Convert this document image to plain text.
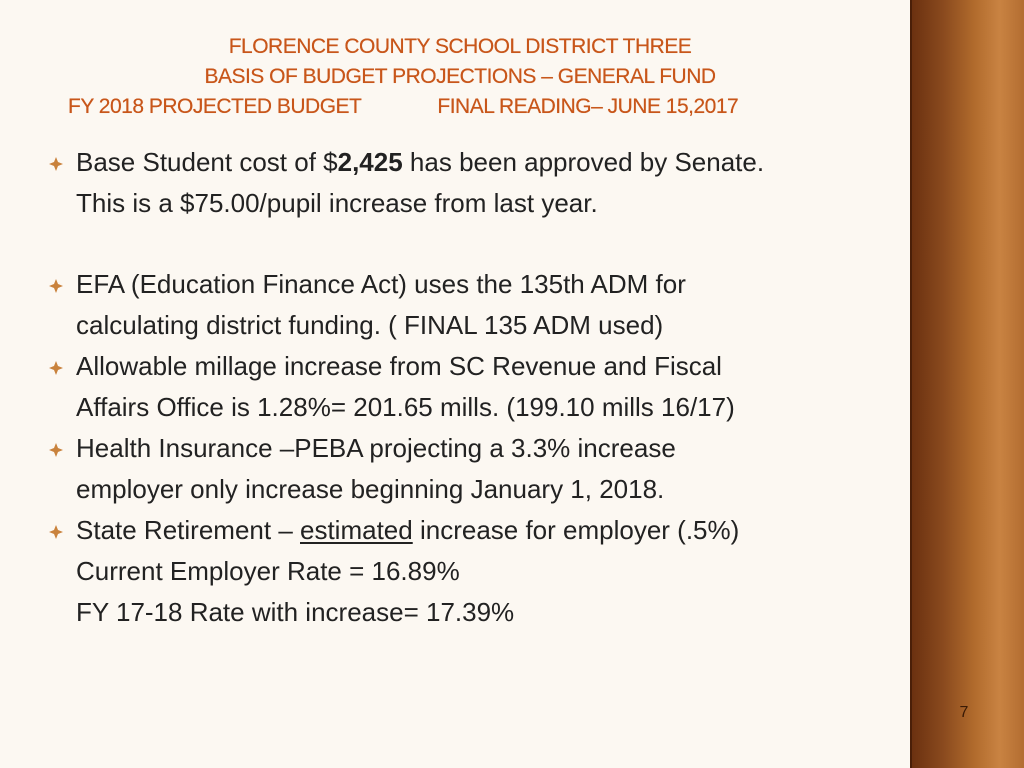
FLORENCE COUNTY SCHOOL DISTRICT THREE
BASIS OF BUDGET PROJECTIONS – GENERAL FUND
FY 2018 PROJECTED BUDGET	FINAL READING– JUNE 15,2017
Base Student cost of $2,425 has been approved by Senate.
This is a $75.00/pupil increase from last year.
EFA (Education Finance Act) uses the 135th ADM for
calculating district funding. ( FINAL 135 ADM used)
Allowable millage increase from SC Revenue and Fiscal
Affairs Office is 1.28%= 201.65 mills. (199.10 mills 16/17)
Health Insurance –PEBA projecting a 3.3% increase
employer only increase beginning January 1, 2018.
State Retirement – estimated increase for employer (.5%)
Current Employer Rate = 16.89%
FY 17-18 Rate with increase= 17.39%
7
